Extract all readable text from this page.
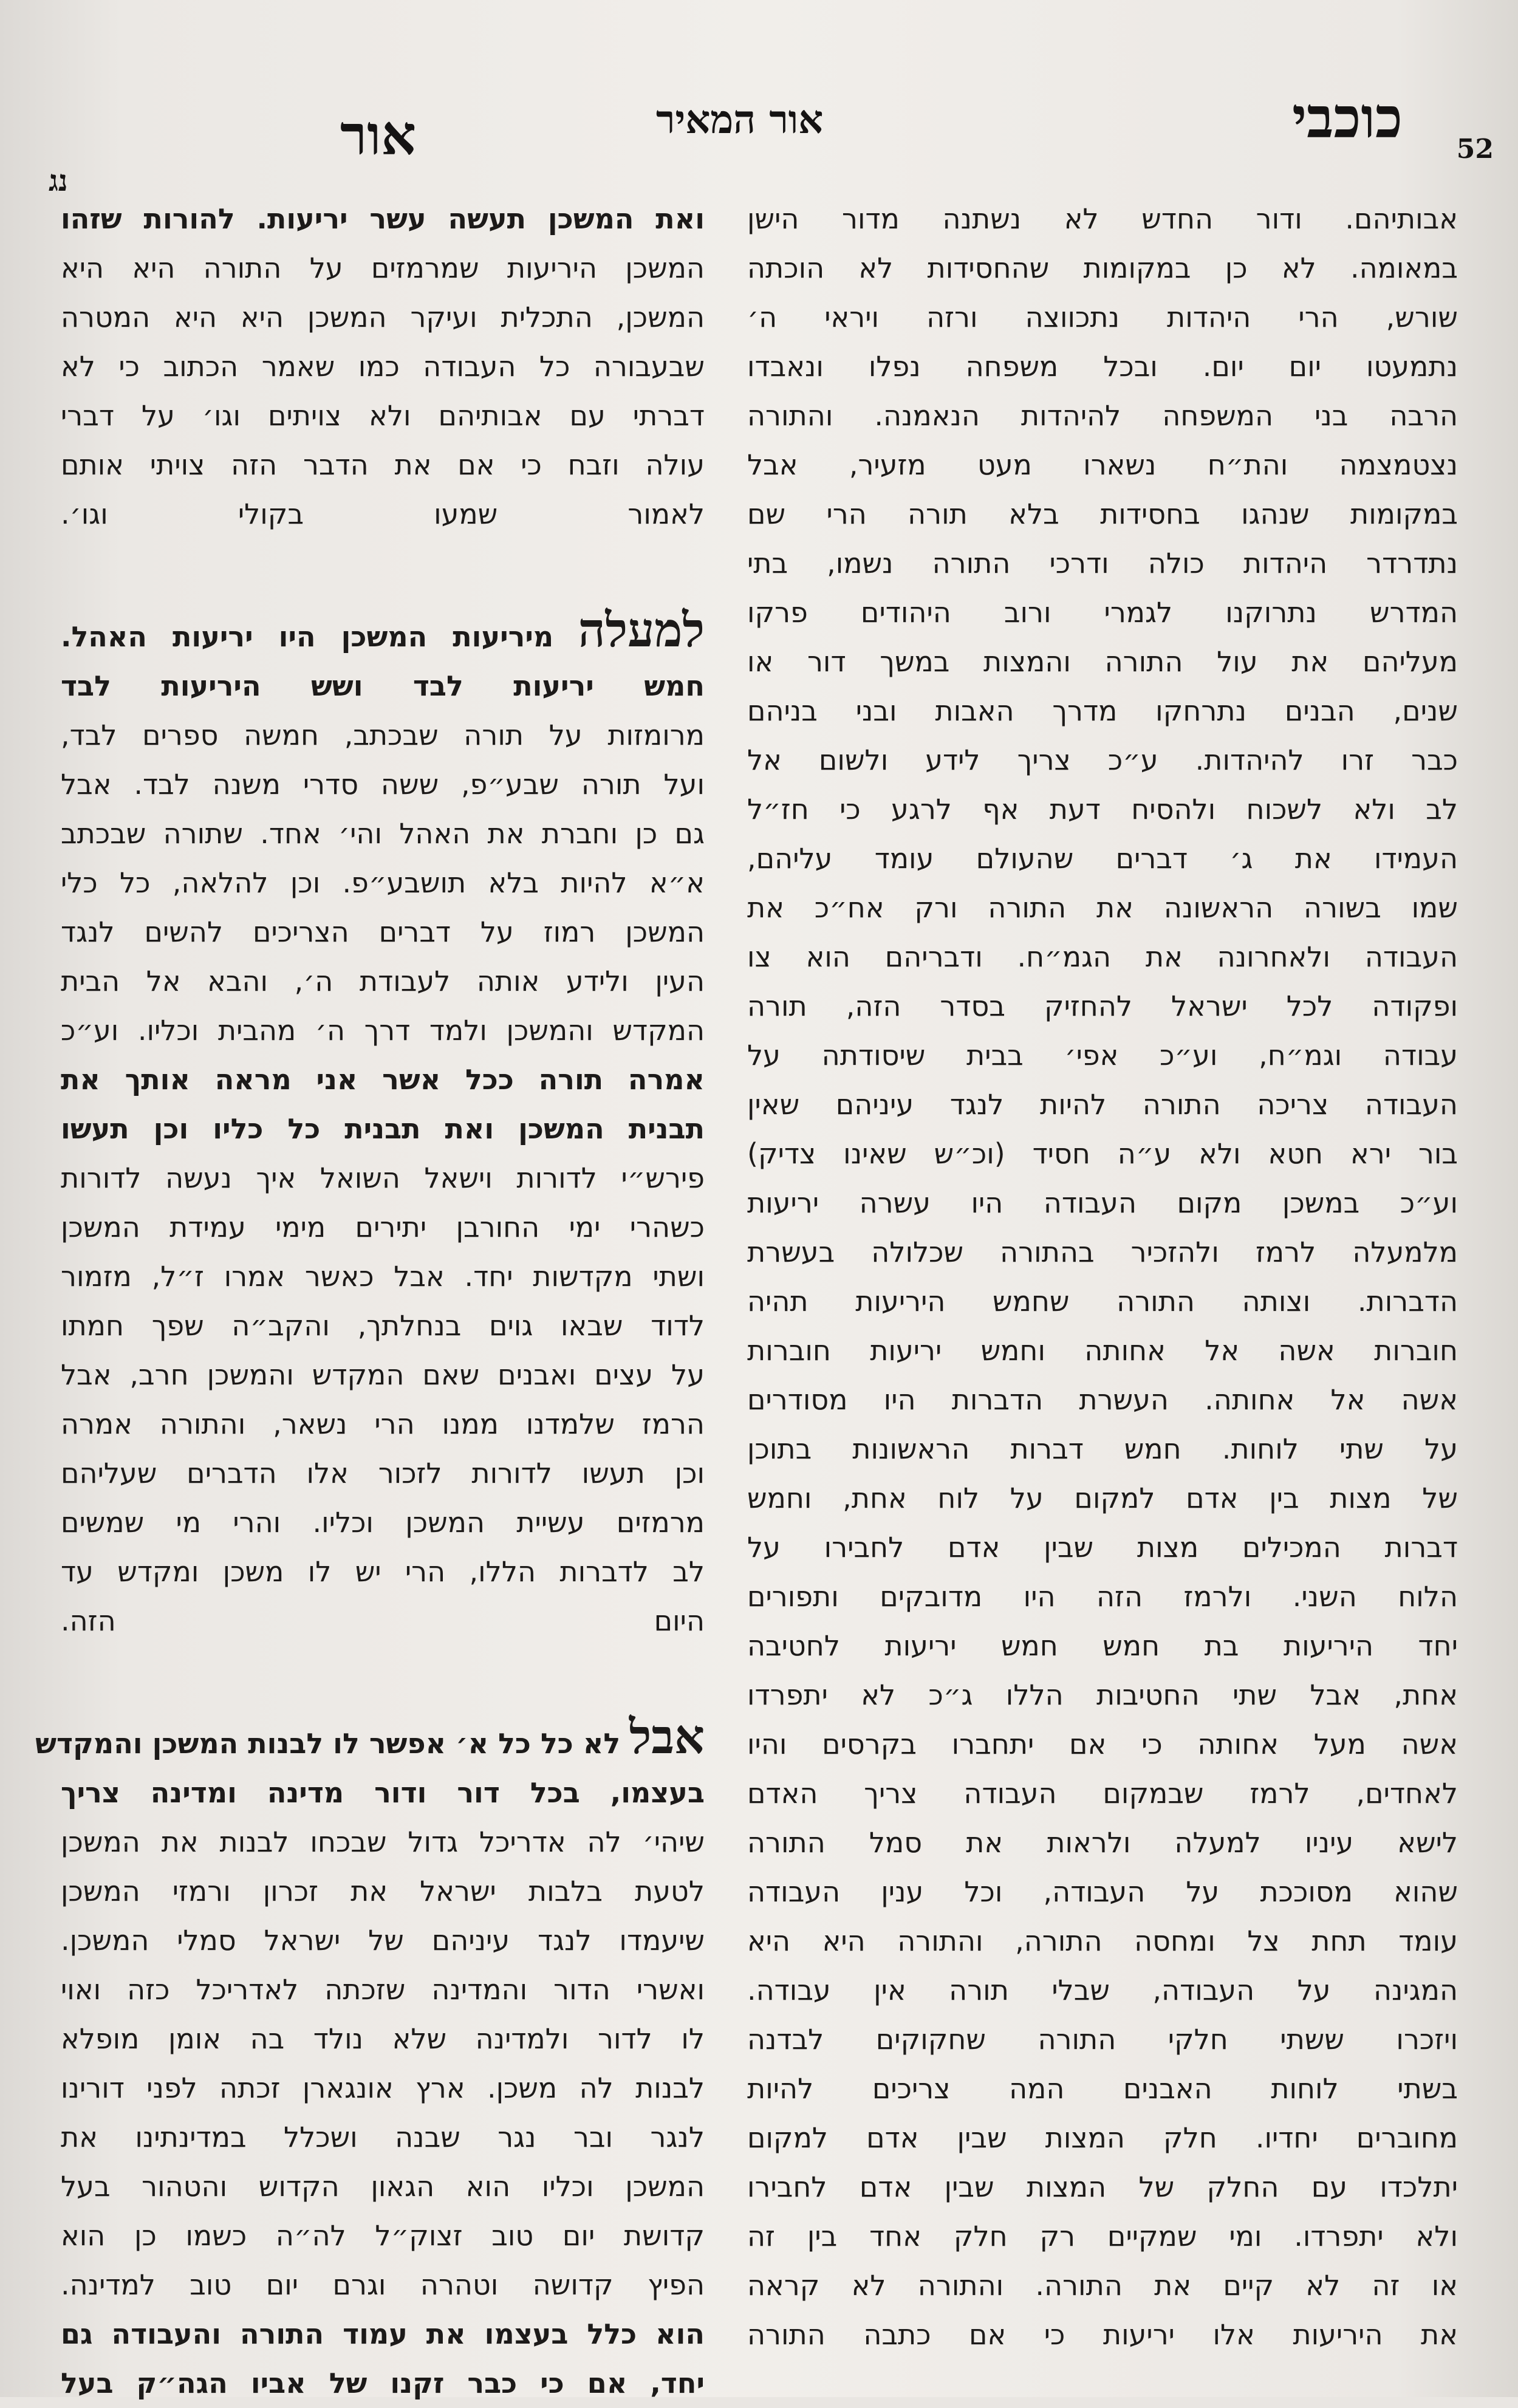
כוכבי
אור המאיר
אור	52
נג
אבותיהם. ודור החדש לא נשתנה מדור הישן
במאומה. לא כן במקומות שהחסידות לא הוכתה
שורש, הרי היהדות נתכווצה ורזה ויראי ה׳
נתמעטו יום יום. ובכל משפחה נפלו ונאבדו
הרבה בני המשפחה להיהדות הנאמנה. והתורה
נצטמצמה והת״ח נשארו מעט מזעיר, אבל
במקומות שנהגו בחסידות בלא תורה הרי שם
נתדרדר היהדות כולה ודרכי התורה נשמו, בתי
המדרש נתרוקנו לגמרי ורוב היהודים פרקו
מעליהם את עול התורה והמצות במשך דור או
שנים, הבנים נתרחקו מדרך האבות ובני בניהם
כבר זרו להיהדות. ע״כ צריך לידע ולשום אל
לב ולא לשכוח ולהסיח דעת אף לרגע כי חז״ל
העמידו את ג׳ דברים שהעולם עומד עליהם,
שמו בשורה הראשונה את התורה ורק אח״כ את
העבודה ולאחרונה את הגמ״ח. ודבריהם הוא צו
ופקודה לכל ישראל להחזיק בסדר הזה, תורה
עבודה וגמ״ח, וע״כ אפי׳ בבית שיסודתה על
העבודה צריכה התורה להיות לנגד עיניהם שאין
בור ירא חטא ולא ע״ה חסיד (וכ״ש שאינו צדיק)
וע״כ במשכן מקום העבודה היו עשרה יריעות
מלמעלה לרמז ולהזכיר בהתורה שכלולה בעשרת
הדברות. וצותה התורה שחמש היריעות תהיה
חוברות אשה אל אחותה וחמש יריעות חוברות
אשה אל אחותה. העשרת הדברות היו מסודרים
על שתי לוחות. חמש דברות הראשונות בתוכן
של מצות בין אדם למקום על לוח אחת, וחמש
דברות המכילים מצות שבין אדם לחבירו על
הלוח השני. ולרמז הזה היו מדובקים ותפורים
יחד היריעות בת חמש חמש יריעות לחטיבה
אחת, אבל שתי החטיבות הללו ג״כ לא יתפרדו
אשה מעל אחותה כי אם יתחברו בקרסים והיו
לאחדים, לרמז שבמקום העבודה צריך האדם
לישא עיניו למעלה ולראות את סמל התורה
שהוא מסוככת על העבודה, וכל ענין העבודה
עומד תחת צל ומחסה התורה, והתורה היא היא
המגינה על העבודה, שבלי תורה אין עבודה.
ויזכרו ששתי חלקי התורה שחקוקים לבדנה
בשתי לוחות האבנים המה צריכים להיות
מחוברים יחדיו. חלק המצות שבין אדם למקום
יתלכדו עם החלק של המצות שבין אדם לחבירו
ולא יתפרדו. ומי שמקיים רק חלק אחד בין זה
או זה לא קיים את התורה. והתורה לא קראה
את היריעות אלו יריעות כי אם כתבה התורה
ואת המשכן תעשה עשר יריעות. להורות שזהו
המשכן היריעות שמרמזים על התורה היא היא
המשכן, התכלית ועיקר המשכן היא היא המטרה
שבעבורה כל העבודה כמו שאמר הכתוב כי לא
דברתי עם אבותיהם ולא צויתים וגו׳ על דברי
עולה וזבח כי אם את הדבר הזה צויתי אותם
לאמור שמעו בקולי וגו׳.
למעלה מיריעות המשכן היו יריעות האהל.
חמש יריעות לבד ושש היריעות לבד
מרומזות על תורה שבכתב, חמשה ספרים לבד,
ועל תורה שבע״פ, ששה סדרי משנה לבד. אבל
גם כן וחברת את האהל והי׳ אחד. שתורה שבכתב
א״א להיות בלא תושבע״פ. וכן להלאה, כל כלי
המשכן רמוז על דברים הצריכים להשים לנגד
העין ולידע אותה לעבודת ה׳, והבא אל הבית
המקדש והמשכן ולמד דרך ה׳ מהבית וכליו. וע״כ
אמרה תורה ככל אשר אני מראה אותך את
תבנית המשכן ואת תבנית כל כליו וכן תעשו
פירש״י לדורות וישאל השואל איך נעשה לדורות
כשהרי ימי החורבן יתירים מימי עמידת המשכן
ושתי מקדשות יחד. אבל כאשר אמרו ז״ל, מזמור
לדוד שבאו גוים בנחלתך, והקב״ה שפך חמתו
על עצים ואבנים שאם המקדש והמשכן חרב, אבל
הרמז שלמדנו ממנו הרי נשאר, והתורה אמרה
וכן תעשו לדורות לזכור אלו הדברים שעליהם
מרמזים עשיית המשכן וכליו. והרי מי שמשים
לב לדברות הללו, הרי יש לו משכן ומקדש עד
היום הזה.
אבל לא כל כל א׳ אפשר לו לבנות המשכן והמקדש
בעצמו, בכל דור ודור מדינה ומדינה צריך
שיהי׳ לה אדריכל גדול שבכחו לבנות את המשכן
לטעת בלבות ישראל את זכרון ורמזי המשכן
שיעמדו לנגד עיניהם של ישראל סמלי המשכן.
ואשרי הדור והמדינה שזכתה לאדריכל כזה ואוי
לו לדור ולמדינה שלא נולד בה אומן מופלא
לבנות לה משכן. ארץ אונגארן זכתה לפני דורינו
לנגר ובר נגר שבנה ושכלל במדינתינו את
המשכן וכליו הוא הגאון הקדוש והטהור בעל
קדושת יום טוב זצוק״ל לה״ה כשמו כן הוא
הפיץ קדושה וטהרה וגרם יום טוב למדינה.
הוא כלל בעצמו את עמוד התורה והעבודה גם
יחד, אם כי כבר זקנו של אביו הגה״ק בעל
